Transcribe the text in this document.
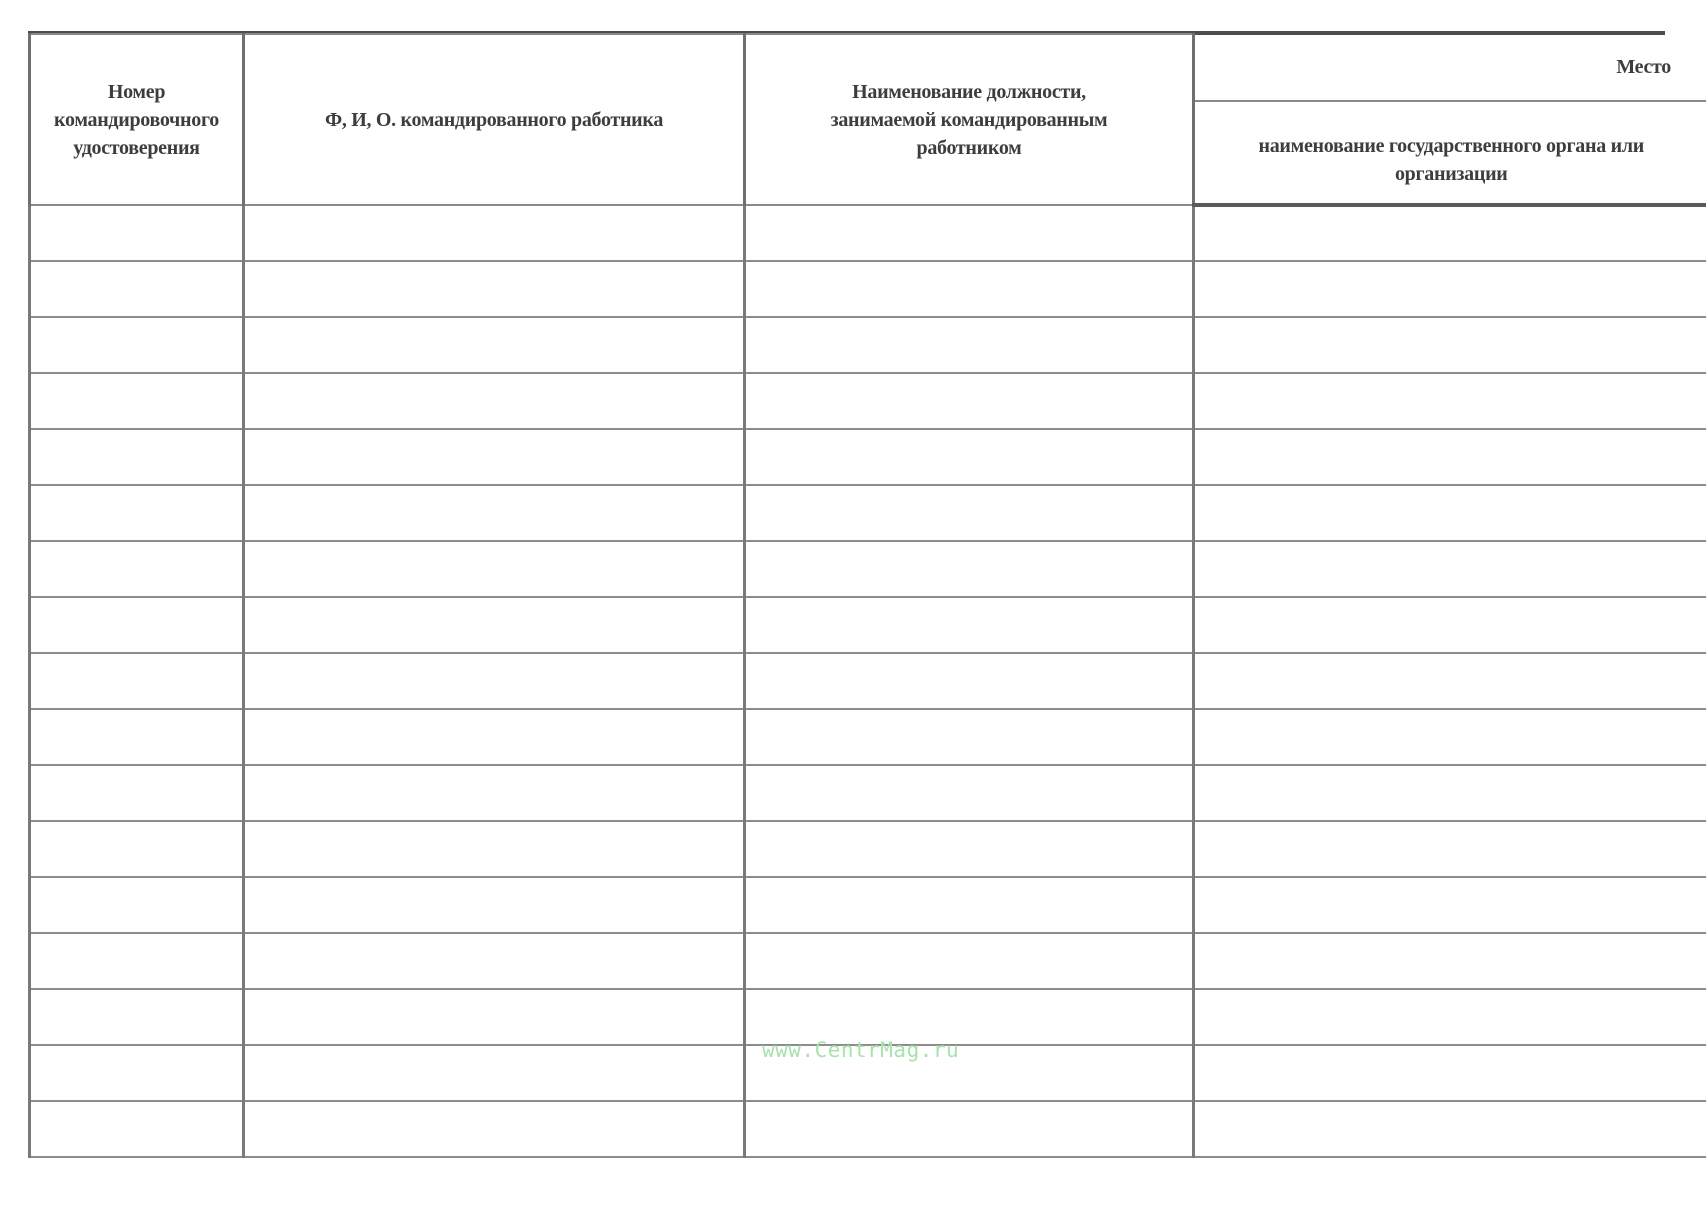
Номер командировочного удостоверения	Ф, И, О. командированного работника	Наименование должности, занимаемой командированным работником	Место

			наименование государственного органа или организации

www.CentrMag.ru
